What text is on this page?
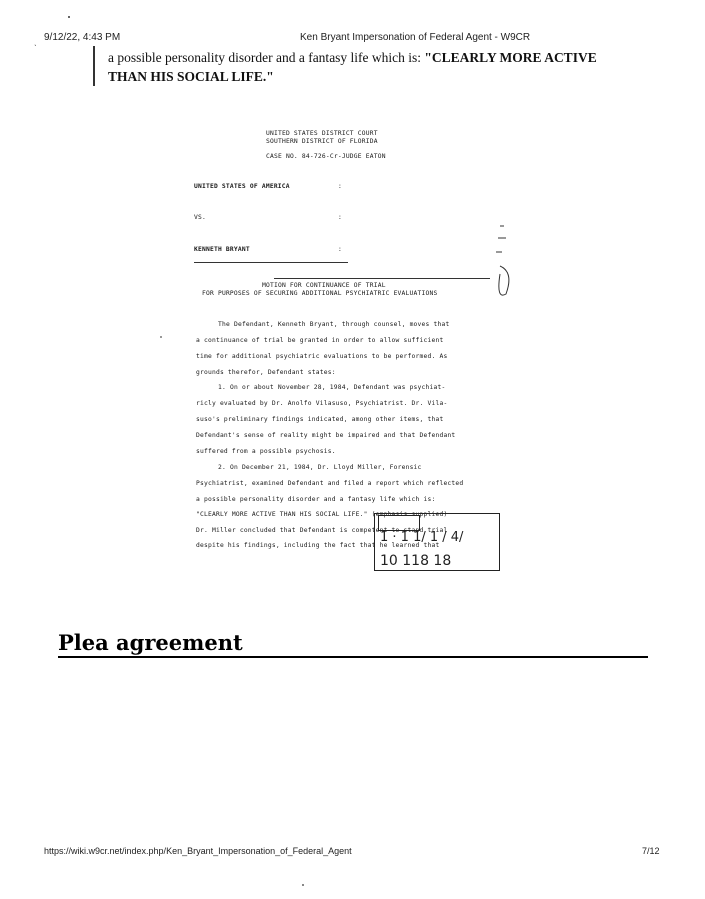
ˎ 9/12/22, 4:43 PM	Ken Bryant Impersonation of Federal Agent - W9CR
a possible personality disorder and a fantasy life which is: "CLEARLY MORE ACTIVE THAN HIS SOCIAL LIFE."
UNITED STATES DISTRICT COURT
SOUTHERN DISTRICT OF FLORIDA
CASE NO. 84-726-Cr-JUDGE EATON
UNITED STATES OF AMERICA	:
VS.	:
KENNETH BRYANT	:
MOTION FOR CONTINUANCE OF TRIAL
FOR PURPOSES OF SECURING ADDITIONAL PSYCHIATRIC EVALUATIONS
The Defendant, Kenneth Bryant, through counsel, moves that
a continuance of trial be granted in order to allow sufficient
time for additional psychiatric evaluations to be performed. As
grounds therefor, Defendant states:
1. On or about November 28, 1984, Defendant was psychiat-
ricly evaluated by Dr. Anolfo Vilasuso, Psychiatrist. Dr. Vila-
suso's preliminary findings indicated, among other items, that
Defendant's sense of reality might be impaired and that Defendant
suffered from a possible psychosis.
2. On December 21, 1984, Dr. Lloyd Miller, Forensic
Psychiatrist, examined Defendant and filed a report which reflected
a possible personality disorder and a fantasy life which is:
"CLEARLY MORE ACTIVE THAN HIS SOCIAL LIFE." (emphasis supplied)
Dr. Miller concluded that Defendant is competent to stand trial
despite his findings, including the fact that he learned that
1 · 1 1/ 1 / 4/
10 118 18
Plea agreement
https://wiki.w9cr.net/index.php/Ken_Bryant_Impersonation_of_Federal_Agent	7/12
